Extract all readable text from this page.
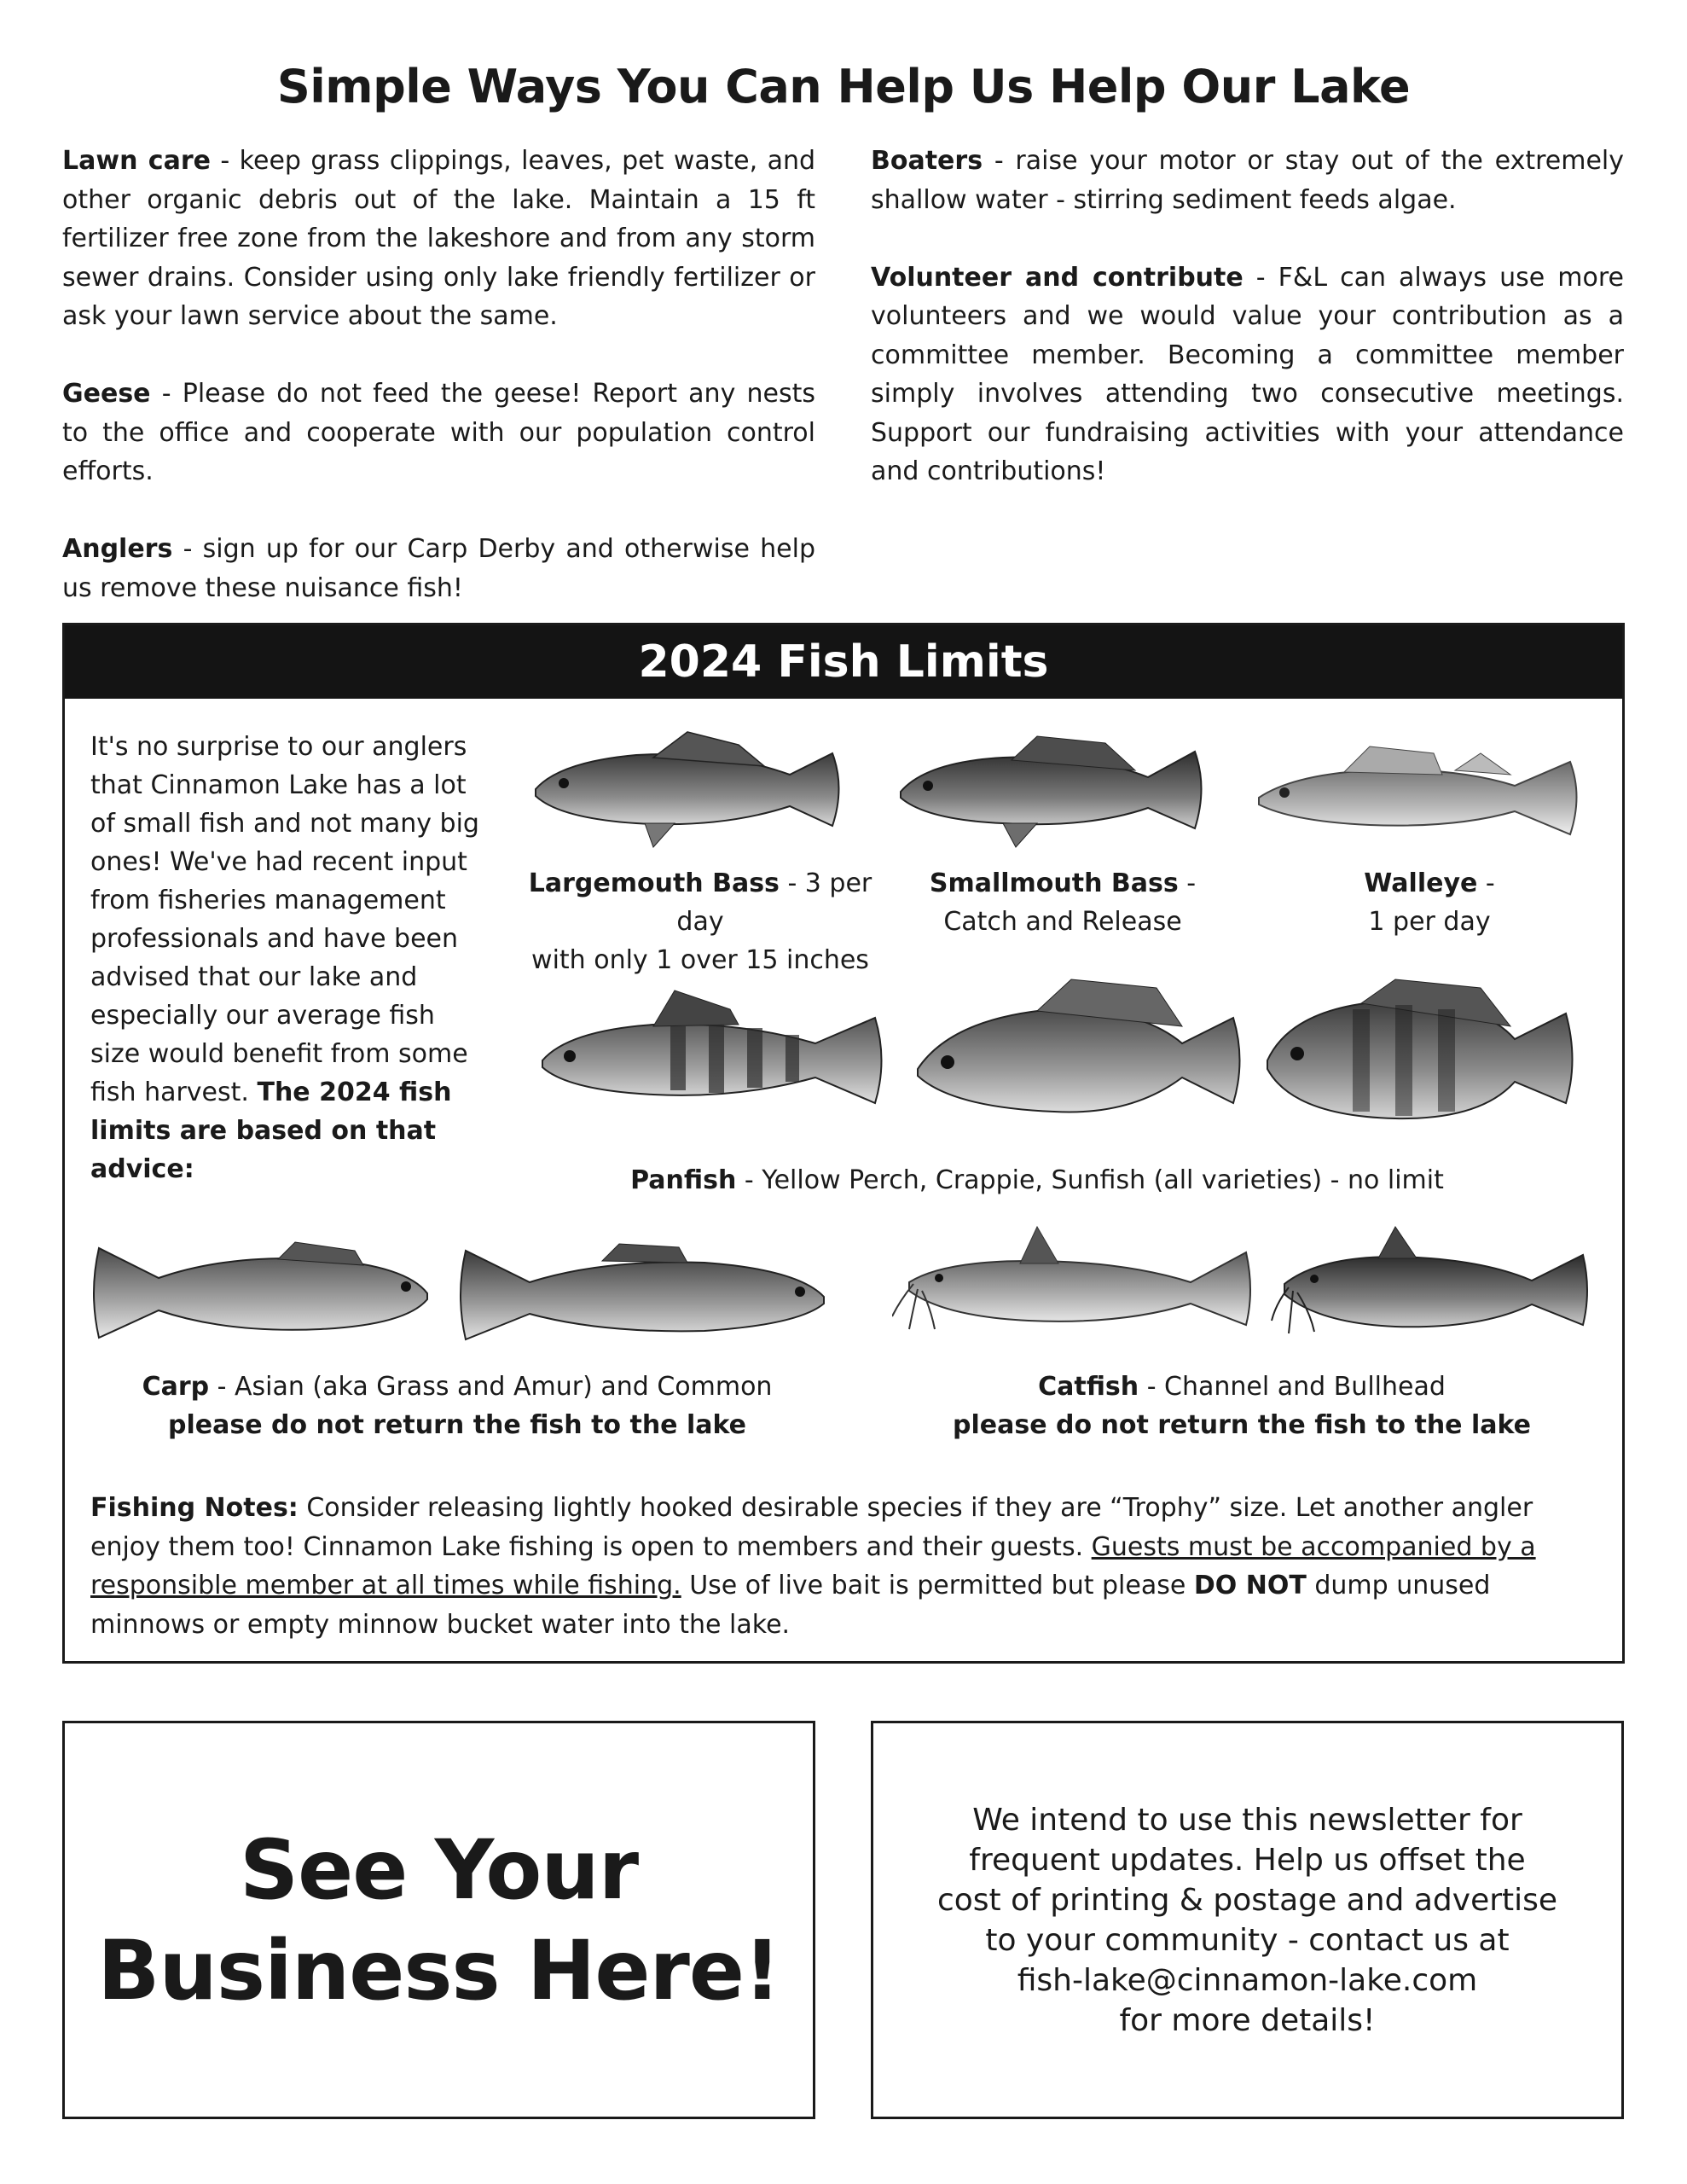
Simple Ways You Can Help Us Help Our Lake

Lawn care - keep grass clippings, leaves, pet waste, and other organic debris out of the lake. Maintain a 15 ft fertilizer free zone from the lakeshore and from any storm sewer drains. Consider using only lake friendly fertilizer or ask your lawn service about the same.

Geese - Please do not feed the geese! Report any nests to the office and cooperate with our population control efforts.

Anglers - sign up for our Carp Derby and otherwise help us remove these nuisance fish!

Boaters - raise your motor or stay out of the extremely shallow water - stirring sediment feeds algae.

Volunteer and contribute - F&L can always use more volunteers and we would value your contribution as a committee member. Becoming a committee member simply involves attending two consecutive meetings. Support our fundraising activities with your attendance and contributions!

2024 Fish Limits
It's no surprise to our anglers that Cinnamon Lake has a lot of small fish and not many big ones! We've had recent input from fisheries management professionals and have been advised that our lake and especially our average fish size would benefit from some fish harvest. The 2024 fish limits are based on that advice:
Largemouth Bass - 3 per day
with only 1 over 15 inches
Smallmouth Bass -
Catch and Release
Walleye -
1 per day
Panfish - Yellow Perch, Crappie, Sunfish (all varieties) - no limit
Carp - Asian (aka Grass and Amur) and Common
please do not return the fish to the lake
Catfish - Channel and Bullhead
please do not return the fish to the lake
Fishing Notes: Consider releasing lightly hooked desirable species if they are “Trophy” size. Let another angler enjoy them too! Cinnamon Lake fishing is open to members and their guests. Guests must be accompanied by a responsible member at all times while fishing. Use of live bait is permitted but please DO NOT dump unused minnows or empty minnow bucket water into the lake.
See Your
Business Here!
We intend to use this newsletter for
frequent updates. Help us offset the
cost of printing & postage and advertise
to your community - contact us at
fish-lake@cinnamon-lake.com
for more details!
